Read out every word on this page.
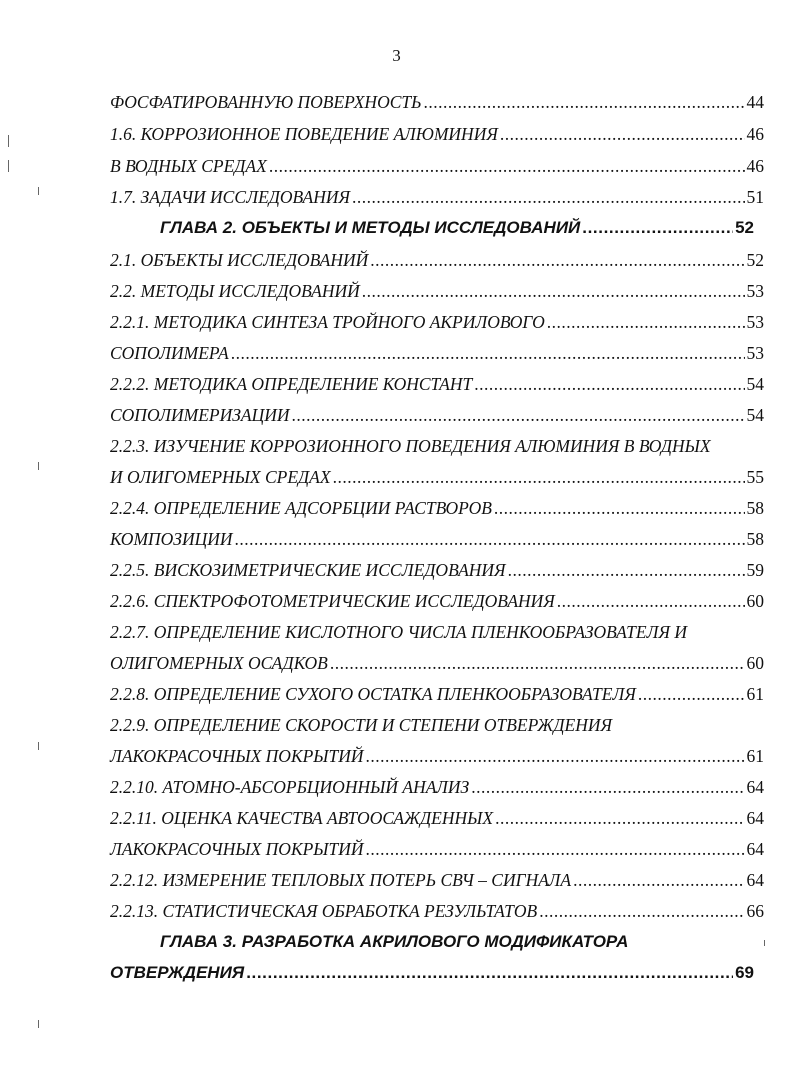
3
ФОСФАТИРОВАННУЮ ПОВЕРХНОСТЬ .....	44
1.6. КОРРОЗИОННОЕ ПОВЕДЕНИЕ АЛЮМИНИЯ .....	46
В ВОДНЫХ СРЕДАХ .....	46
1.7. ЗАДАЧИ ИССЛЕДОВАНИЯ .....	51
ГЛАВА 2. ОБЪЕКТЫ И МЕТОДЫ ИССЛЕДОВАНИЙ .....	52
2.1. ОБЪЕКТЫ ИССЛЕДОВАНИЙ .....	52
2.2. МЕТОДЫ ИССЛЕДОВАНИЙ .....	53
2.2.1. МЕТОДИКА СИНТЕЗА ТРОЙНОГО АКРИЛОВОГО .....	53
СОПОЛИМЕРА .....	53
2.2.2. МЕТОДИКА ОПРЕДЕЛЕНИЕ КОНСТАНТ .....	54
СОПОЛИМЕРИЗАЦИИ .....	54
2.2.3. ИЗУЧЕНИЕ КОРРОЗИОННОГО ПОВЕДЕНИЯ АЛЮМИНИЯ В ВОДНЫХ
И ОЛИГОМЕРНЫХ СРЕДАХ .....	55
2.2.4. ОПРЕДЕЛЕНИЕ АДСОРБЦИИ РАСТВОРОВ .....	58
КОМПОЗИЦИИ .....	58
2.2.5. ВИСКОЗИМЕТРИЧЕСКИЕ ИССЛЕДОВАНИЯ .....	59
2.2.6. СПЕКТРОФОТОМЕТРИЧЕСКИЕ ИССЛЕДОВАНИЯ .....	60
2.2.7. ОПРЕДЕЛЕНИЕ КИСЛОТНОГО ЧИСЛА ПЛЕНКООБРАЗОВАТЕЛЯ И
ОЛИГОМЕРНЫХ ОСАДКОВ .....	60
2.2.8. ОПРЕДЕЛЕНИЕ СУХОГО ОСТАТКА ПЛЕНКООБРАЗОВАТЕЛЯ .....	61
2.2.9. ОПРЕДЕЛЕНИЕ СКОРОСТИ И СТЕПЕНИ ОТВЕРЖДЕНИЯ
ЛАКОКРАСОЧНЫХ ПОКРЫТИЙ .....	61
2.2.10. АТОМНО-АБСОРБЦИОННЫЙ АНАЛИЗ .....	64
2.2.11. ОЦЕНКА КАЧЕСТВА АВТООСАЖДЕННЫХ .....	64
ЛАКОКРАСОЧНЫХ ПОКРЫТИЙ .....	64
2.2.12. ИЗМЕРЕНИЕ ТЕПЛОВЫХ ПОТЕРЬ СВЧ – СИГНАЛА .....	64
2.2.13. СТАТИСТИЧЕСКАЯ ОБРАБОТКА РЕЗУЛЬТАТОВ .....	66
ГЛАВА 3. РАЗРАБОТКА АКРИЛОВОГО МОДИФИКАТОРА
ОТВЕРЖДЕНИЯ .....	69
